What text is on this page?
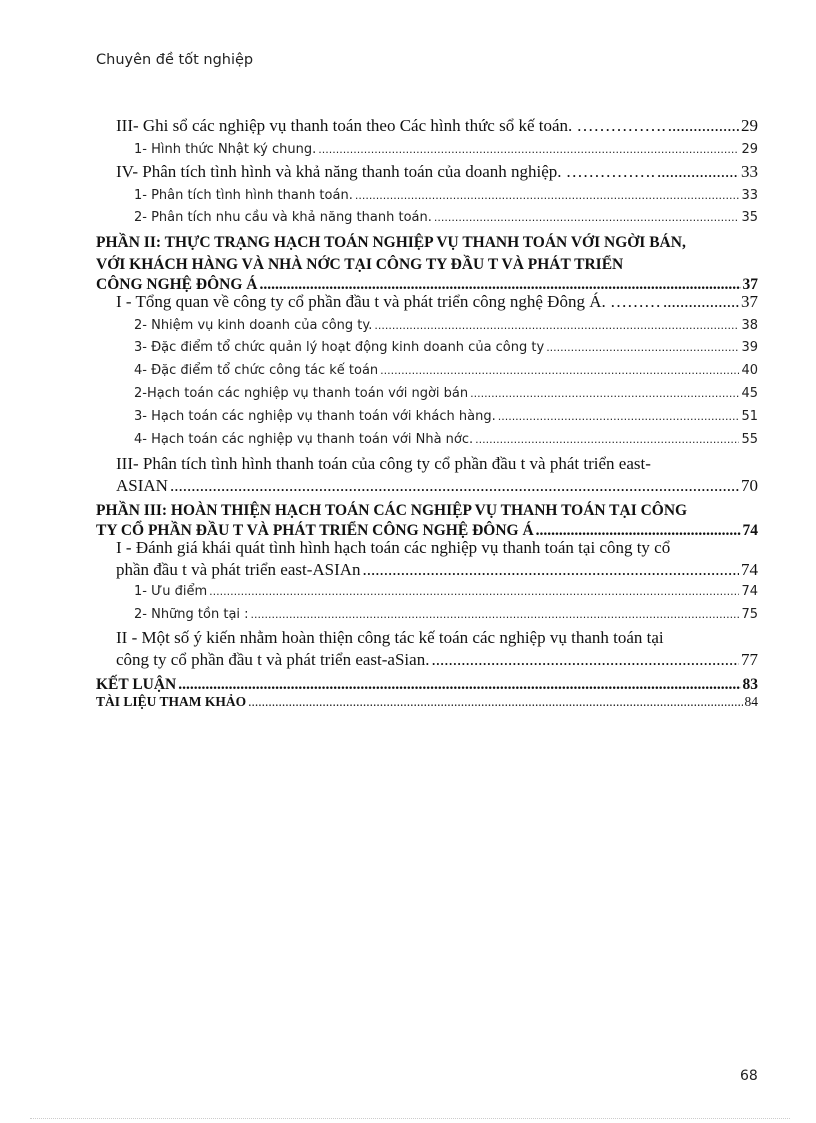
Chuyên đề tốt nghiệp
III- Ghi sổ các nghiệp vụ thanh toán theo Các hình thức sổ kế toán. ……………. .....	29
1- Hình thức Nhật ký chung. .....	29
IV- Phân tích tình hình và khả năng thanh toán của doanh nghiệp. ……………. .....	33
1- Phân tích tình hình thanh toán. .....	33
2- Phân tích nhu cầu và khả năng thanh toán. .....	35
PHẦN II: THỰC TRẠNG HẠCH TOÁN NGHIỆP VỤ THANH TOÁN VỚI NGỜI BÁN,
VỚI KHÁCH HÀNG VÀ NHÀ NỚC TẠI CÔNG TY ĐẦU T VÀ PHÁT TRIỂN
CÔNG NGHỆ ĐÔNG Á .....	37
I - Tổng quan về công ty cổ phần đầu t và phát triển công nghệ Đông Á. ……… .....	37
2- Nhiệm vụ kinh doanh của công ty. .....	38
3- Đặc điểm tổ chức quản lý hoạt động kinh doanh của công ty .....	39
4- Đặc điểm tổ chức công tác kế toán .....	40
2-Hạch toán các nghiệp vụ thanh toán với ngời bán .....	45
3- Hạch toán các nghiệp vụ thanh toán với khách hàng. .....	51
4- Hạch toán các nghiệp vụ thanh toán với Nhà nớc. .....	55
III- Phân tích tình hình thanh toán của công ty cổ phần đầu t và phát triển east-
ASIAN .....	70
PHẦN III: HOÀN THIỆN HẠCH TOÁN CÁC NGHIỆP VỤ THANH TOÁN TẠI CÔNG
TY CỔ PHẦN ĐẦU T VÀ PHÁT TRIỂN CÔNG NGHỆ ĐÔNG Á .....	74
I - Đánh giá khái quát tình hình hạch toán các nghiệp vụ thanh toán tại công ty cổ
phần đầu t và phát triển east-ASIAn .....	74
1- Ưu điểm .....	74
2- Những tồn tại : .....	75
II - Một số ý kiến nhằm hoàn thiện công tác kế toán các nghiệp vụ thanh toán tại
công ty cổ phần đầu t và phát triển east-aSian. .....	77
KẾT LUẬN .....	83
TÀI LIỆU THAM KHẢO .....	84
68
